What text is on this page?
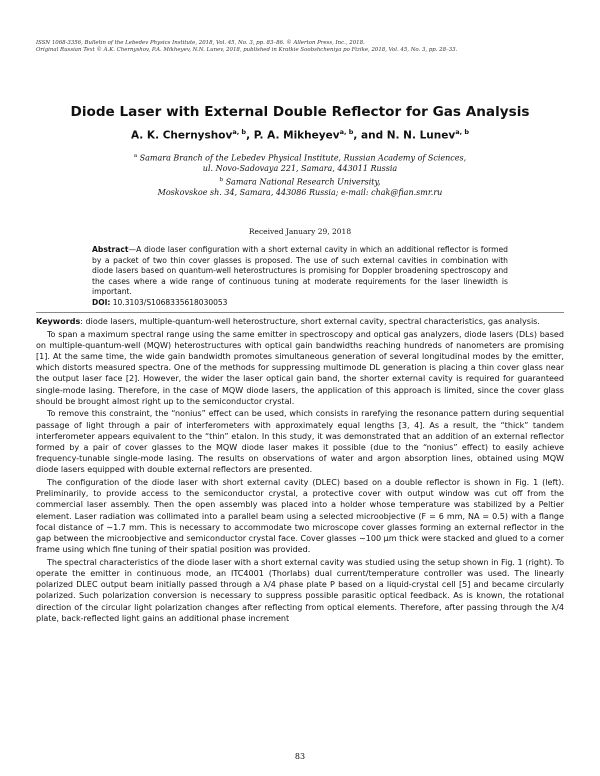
ISSN 1068-3356, Bulletin of the Lebedev Physics Institute, 2018, Vol. 45, No. 3, pp. 83–86. © Allerton Press, Inc., 2018.
Original Russian Text © A.K. Chernyshov, P.A. Mikheyev, N.N. Lunev, 2018, published in Kratkie Soobshcheniya po Fizike, 2018, Vol. 45, No. 3, pp. 28–33.
Diode Laser with External Double Reflector for Gas Analysis
A. K. Chernyshov$^{a, b}$, P. A. Mikheyev$^{a, b}$, and N. N. Lunev$^{a, b}$
$^a$ Samara Branch of the Lebedev Physical Institute, Russian Academy of Sciences,
ul. Novo-Sadovaya 221, Samara, 443011 Russia
$^b$ Samara National Research University,
Moskovskoe sh. 34, Samara, 443086 Russia; e-mail: chak@fian.smr.ru
Received January 29, 2018
Abstract—A diode laser configuration with a short external cavity in which an additional reflector is formed by a packet of two thin cover glasses is proposed. The use of such external cavities in combination with diode lasers based on quantum-well heterostructures is promising for Doppler broadening spectroscopy and the cases where a wide range of continuous tuning at moderate requirements for the laser linewidth is important.
DOI: 10.3103/S1068335618030053

Keywords: diode lasers, multiple-quantum-well heterostructure, short external cavity, spectral characteristics, gas analysis.

To span a maximum spectral range using the same emitter in spectroscopy and optical gas analyzers, diode lasers (DLs) based on multiple-quantum-well (MQW) heterostructures with optical gain bandwidths reaching hundreds of nanometers are promising [1]. At the same time, the wide gain bandwidth promotes simultaneous generation of several longitudinal modes by the emitter, which distorts measured spectra. One of the methods for suppressing multimode DL generation is placing a thin cover glass near the output laser face [2]. However, the wider the laser optical gain band, the shorter external cavity is required for guaranteed single-mode lasing. Therefore, in the case of MQW diode lasers, the application of this approach is limited, since the cover glass should be brought almost right up to the semiconductor crystal.

To remove this constraint, the “nonius” effect can be used, which consists in rarefying the resonance pattern during sequential passage of light through a pair of interferometers with approximately equal lengths [3, 4]. As a result, the “thick” tandem interferometer appears equivalent to the “thin” etalon. In this study, it was demonstrated that an addition of an external reflector formed by a pair of cover glasses to the MQW diode laser makes it possible (due to the “nonius” effect) to easily achieve frequency-tunable single-mode lasing. The results on observations of water and argon absorption lines, obtained using MQW diode lasers equipped with double external reflectors are presented.

The configuration of the diode laser with short external cavity (DLEC) based on a double reflector is shown in Fig. 1 (left). Preliminarily, to provide access to the semiconductor crystal, a protective cover with output window was cut off from the commercial laser assembly. Then the open assembly was placed into a holder whose temperature was stabilized by a Peltier element. Laser radiation was collimated into a parallel beam using a selected microobjective (F = 6 mm, NA = 0.5) with a flange focal distance of ∼1.7 mm. This is necessary to accommodate two microscope cover glasses forming an external reflector in the gap between the microobjective and semiconductor crystal face. Cover glasses ∼100 μm thick were stacked and glued to a corner frame using which fine tuning of their spatial position was provided.

The spectral characteristics of the diode laser with a short external cavity was studied using the setup shown in Fig. 1 (right). To operate the emitter in continuous mode, an ITC4001 (Thorlabs) dual current/temperature controller was used. The linearly polarized DLEC output beam initially passed through a λ/4 phase plate P based on a liquid-crystal cell [5] and became circularly polarized. Such polarization conversion is necessary to suppress possible parasitic optical feedback. As is known, the rotational direction of the circular light polarization changes after reflecting from optical elements. Therefore, after passing through the λ/4 plate, back-reflected light gains an additional phase increment

83
